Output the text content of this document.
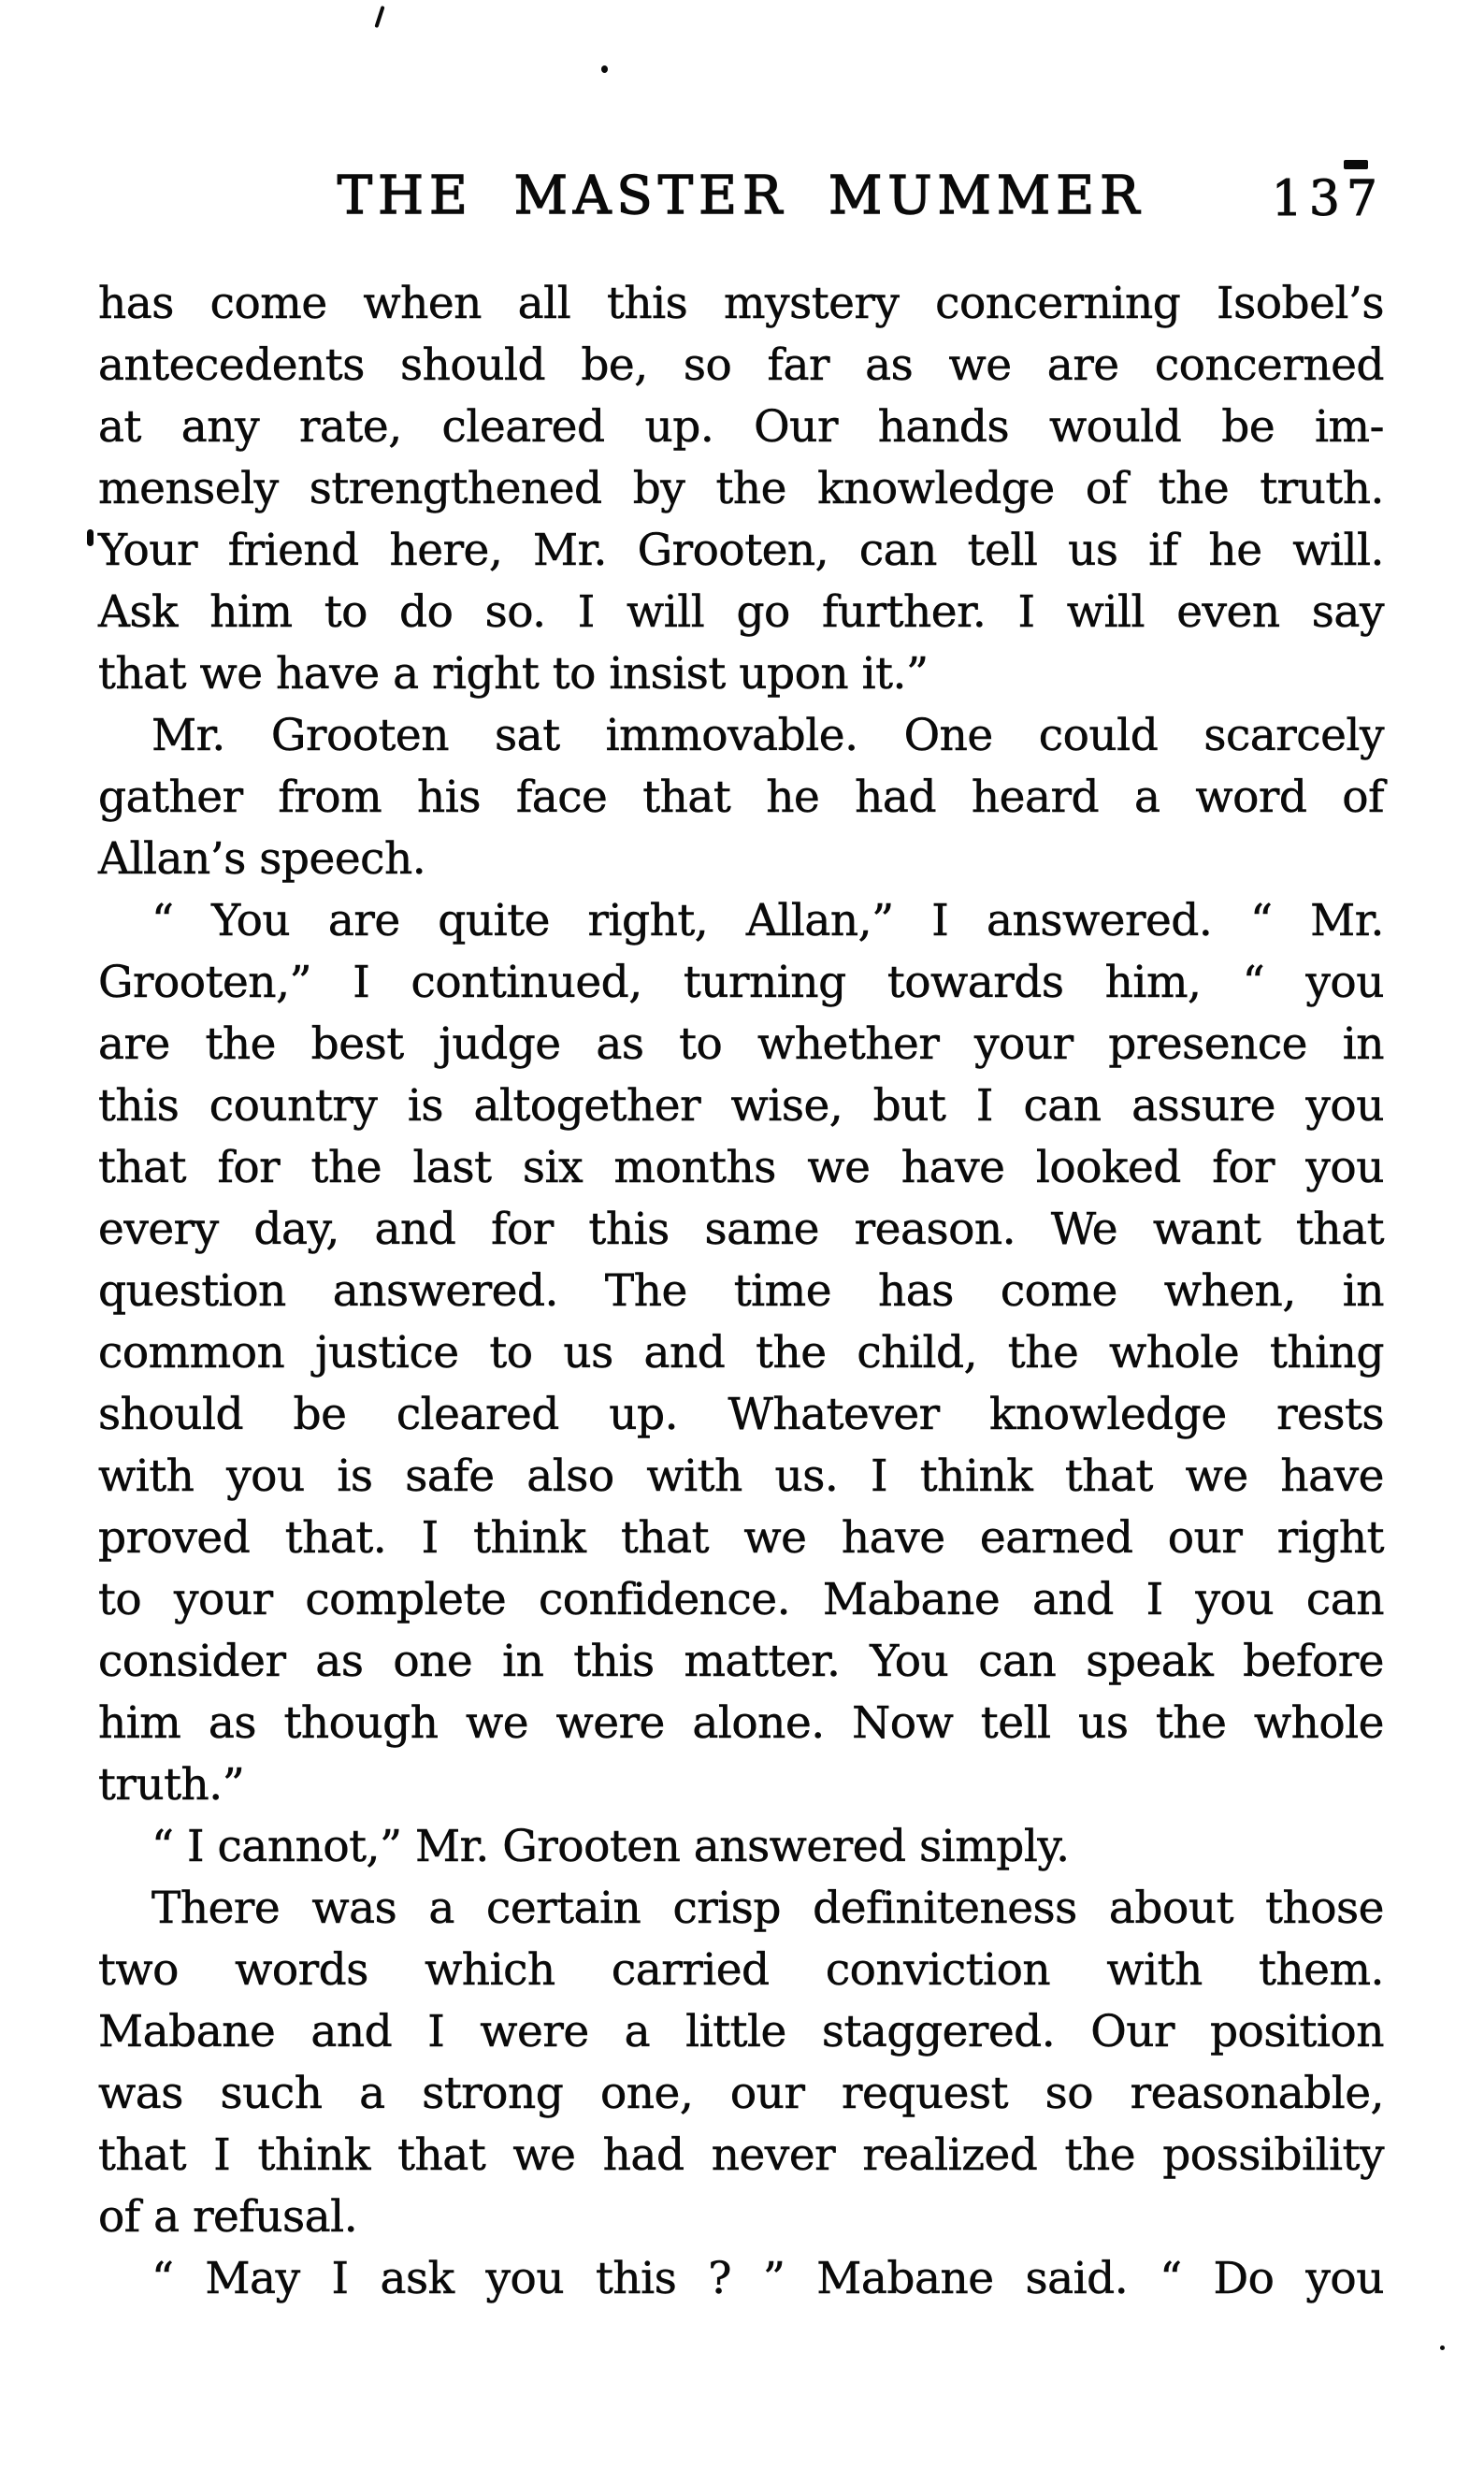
THE MASTER MUMMER	137
has come when all this mystery concerning Isobel’s
antecedents should be, so far as we are concerned
at any rate, cleared up. Our hands would be im-
mensely strengthened by the knowledge of the truth.
Your friend here, Mr. Grooten, can tell us if he will.
Ask him to do so. I will go further. I will even say
that we have a right to insist upon it.”
Mr. Grooten sat immovable. One could scarcely
gather from his face that he had heard a word of
Allan’s speech.
“ You are quite right, Allan,” I answered. “ Mr.
Grooten,” I continued, turning towards him, “ you
are the best judge as to whether your presence in
this country is altogether wise, but I can assure you
that for the last six months we have looked for you
every day, and for this same reason. We want that
question answered. The time has come when, in
common justice to us and the child, the whole thing
should be cleared up. Whatever knowledge rests
with you is safe also with us. I think that we have
proved that. I think that we have earned our right
to your complete confidence. Mabane and I you can
consider as one in this matter. You can speak before
him as though we were alone. Now tell us the whole
truth.”
“ I cannot,” Mr. Grooten answered simply.
There was a certain crisp definiteness about those
two words which carried conviction with them.
Mabane and I were a little staggered. Our position
was such a strong one, our request so reasonable,
that I think that we had never realized the possibility
of a refusal.
“ May I ask you this ? ” Mabane said. “ Do you
